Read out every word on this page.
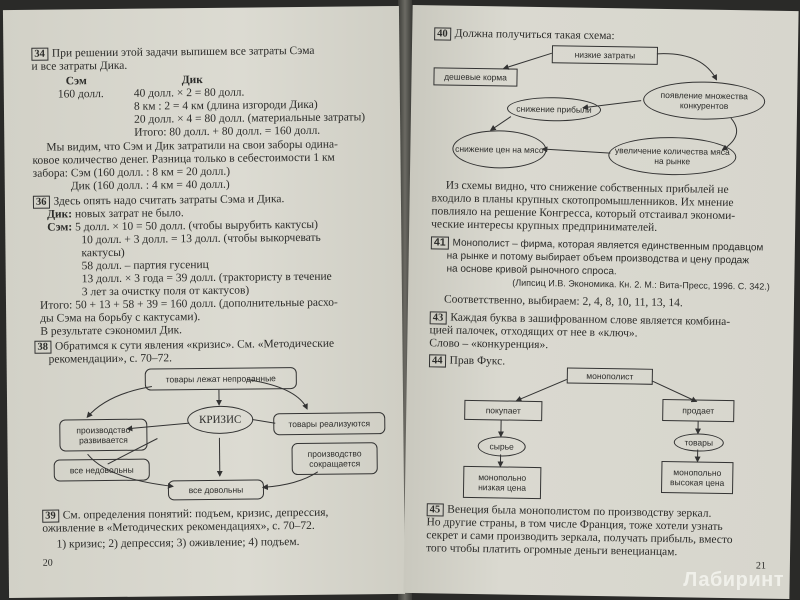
34 При решении этой задачи выпишем все затраты Сэма
и все затраты Дика.
Сэм	Дик
160 долл.	40 долл. × 2 = 80 долл.
8 км : 2 = 4 км (длина изгороди Дика)
20 долл. × 4 = 80 долл. (материальные затраты)
Итого: 80 долл. + 80 долл. = 160 долл.
Мы видим, что Сэм и Дик затратили на свои заборы одина-
ковое количество денег. Разница только в себестоимости 1 км
забора: Сэм (160 долл. : 8 км = 20 долл.)
Дик (160 долл. : 4 км = 40 долл.)
36 Здесь опять надо считать затраты Сэма и Дика.
Дик: новых затрат не было.
Сэм: 5 долл. × 10 = 50 долл. (чтобы вырубить кактусы)
10 долл. + 3 долл. = 13 долл. (чтобы выкорчевать
кактусы)
58 долл. – партия гусениц
13 долл. × 3 года = 39 долл. (трактористу в течение
3 лет за очистку поля от кактусов)
Итого: 50 + 13 + 58 + 39 = 160 долл. (дополнительные расхо-
ды Сэма на борьбу с кактусами).
В результате сэкономил Дик.
38 Обратимся к сути явления «кризис». См. «Методические
рекомендации», с. 70–72.
товары лежат непроданные
КРИЗИС
производство развивается
товары реализуются
все недовольны
производство сокращается
все довольны
39 См. определения понятий: подъем, кризис, депрессия,
оживление в «Методических рекомендациях», с. 70–72.
1) кризис; 2) депрессия; 3) оживление; 4) подъем.
20
40 Должна получиться такая схема:
низкие затраты
дешевые корма
появление множества конкурентов
снижение прибыли
снижение цен на мясо	увеличение количества мяса на рынке
Из схемы видно, что снижение собственных прибылей не
входило в планы крупных скотопромышленников. Их мнение
повлияло на решение Конгресса, который отстаивал экономи-
ческие интересы крупных предпринимателей.
41 Монополист – фирма, которая является единственным продавцом
на рынке и потому выбирает объем производства и цену продаж
на основе кривой рыночного спроса.
(Липсиц И.В. Экономика. Кн. 2. М.: Вита-Пресс, 1996. С. 342.)
Соответственно, выбираем: 2, 4, 8, 10, 11, 13, 14.
43 Каждая буква в зашифрованном слове является комбина-
цией палочек, отходящих от нее в «ключ».
Слово – «конкуренция».
44 Прав Фукс.
монополист
покупает	продает
сырье	товары
монопольно низкая цена
монопольно высокая цена
45 Венеция была монополистом по производству зеркал.
Но другие страны, в том числе Франция, тоже хотели узнать
секрет и сами производить зеркала, получать прибыль, вместо
того чтобы платить огромные деньги венецианцам.
21
Лабиринт
